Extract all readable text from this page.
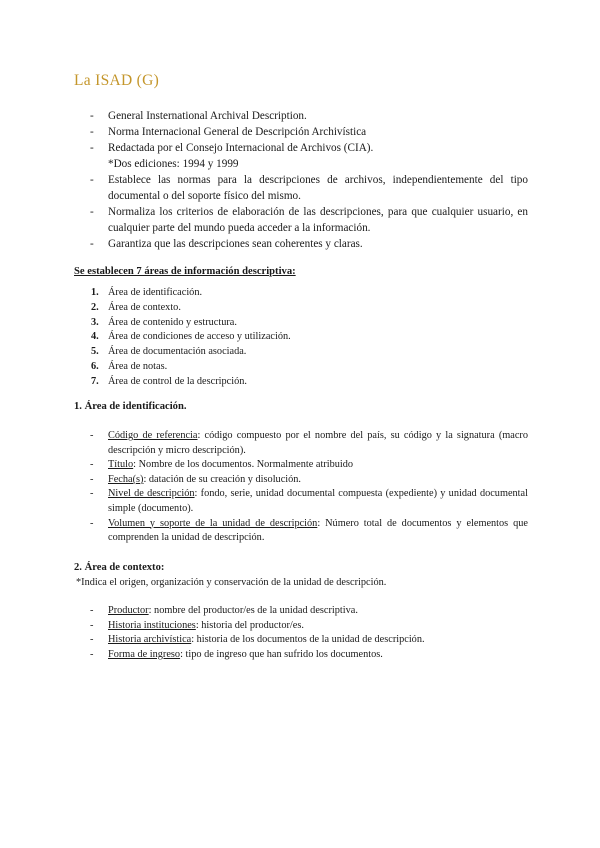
La ISAD (G)
- General Insternational Archival Description.
- Norma Internacional General de Descripción Archivística
- Redactada por el Consejo Internacional de Archivos (CIA).
*Dos ediciones: 1994 y 1999
- Establece las normas para la descripciones de archivos, independientemente del tipo documental o del soporte físico del mismo.
- Normaliza los criterios de elaboración de las descripciones, para que cualquier usuario, en cualquier parte del mundo pueda acceder a la información.
- Garantiza que las descripciones sean coherentes y claras.

Se establecen 7 áreas de información descriptiva:

1. Área de identificación.
2. Área de contexto.
3. Área de contenido y estructura.
4. Área de condiciones de acceso y utilización.
5. Área de documentación asociada.
6. Área de notas.
7. Área de control de la descripción.

1. Área de identificación.

- Código de referencia: código compuesto por el nombre del país, su código y la signatura (macro descripción y micro descripción).
- Título: Nombre de los documentos. Normalmente atribuido
- Fecha(s): datación de su creación y disolución.
- Nivel de descripción: fondo, serie, unidad documental compuesta (expediente) y unidad documental simple (documento).
- Volumen y soporte de la unidad de descripción: Número total de documentos y elementos que comprenden la unidad de descripción.

2. Área de contexto:

*Indica el origen, organización y conservación de la unidad de descripción.

- Productor: nombre del productor/es de la unidad descriptiva.
- Historia instituciones: historia del productor/es.
- Historia archivística: historia de los documentos de la unidad de descripción.
- Forma de ingreso: tipo de ingreso que han sufrido los documentos.
